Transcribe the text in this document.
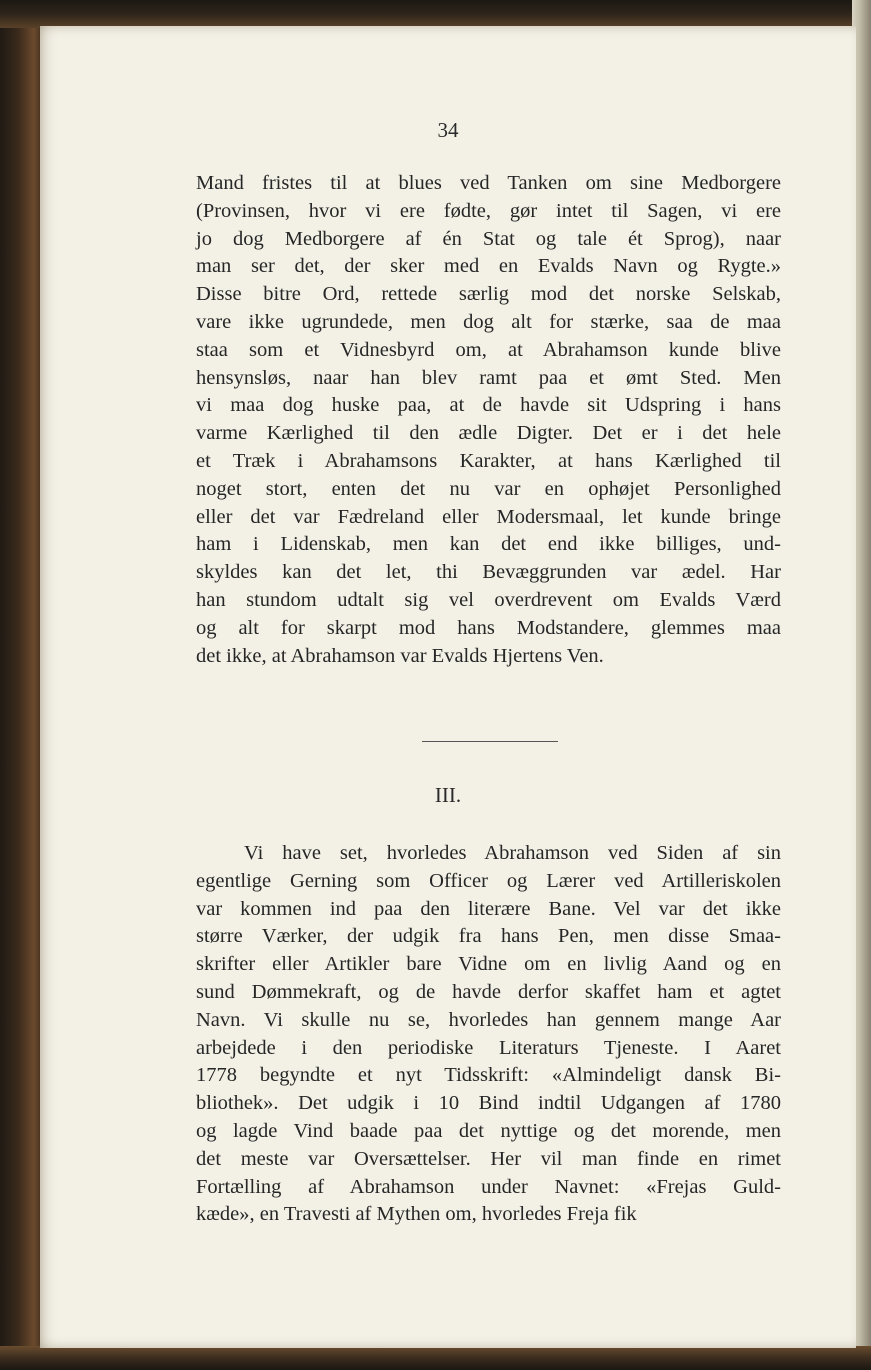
34
Mand fristes til at blues ved Tanken om sine Medborgere
(Provinsen, hvor vi ere fødte, gør intet til Sagen, vi ere
jo dog Medborgere af én Stat og tale ét Sprog), naar
man ser det, der sker med en Evalds Navn og Rygte.»
Disse bitre Ord, rettede særlig mod det norske Selskab,
vare ikke ugrundede, men dog alt for stærke, saa de maa
staa som et Vidnesbyrd om, at Abrahamson kunde blive
hensynsløs, naar han blev ramt paa et ømt Sted. Men
vi maa dog huske paa, at de havde sit Udspring i hans
varme Kærlighed til den ædle Digter. Det er i det hele
et Træk i Abrahamsons Karakter, at hans Kærlighed til
noget stort, enten det nu var en ophøjet Personlighed
eller det var Fædreland eller Modersmaal, let kunde bringe
ham i Lidenskab, men kan det end ikke billiges, und-
skyldes kan det let, thi Bevæggrunden var ædel. Har
han stundom udtalt sig vel overdrevent om Evalds Værd
og alt for skarpt mod hans Modstandere, glemmes maa
det ikke, at Abrahamson var Evalds Hjertens Ven.
III.
Vi have set, hvorledes Abrahamson ved Siden af sin
egentlige Gerning som Officer og Lærer ved Artilleriskolen
var kommen ind paa den literære Bane. Vel var det ikke
større Værker, der udgik fra hans Pen, men disse Smaa-
skrifter eller Artikler bare Vidne om en livlig Aand og en
sund Dømmekraft, og de havde derfor skaffet ham et agtet
Navn. Vi skulle nu se, hvorledes han gennem mange Aar
arbejdede i den periodiske Literaturs Tjeneste. I Aaret
1778 begyndte et nyt Tidsskrift: «Almindeligt dansk Bi-
bliothek». Det udgik i 10 Bind indtil Udgangen af 1780
og lagde Vind baade paa det nyttige og det morende, men
det meste var Oversættelser. Her vil man finde en rimet
Fortælling af Abrahamson under Navnet: «Frejas Guld-
kæde», en Travesti af Mythen om, hvorledes Freja fik
